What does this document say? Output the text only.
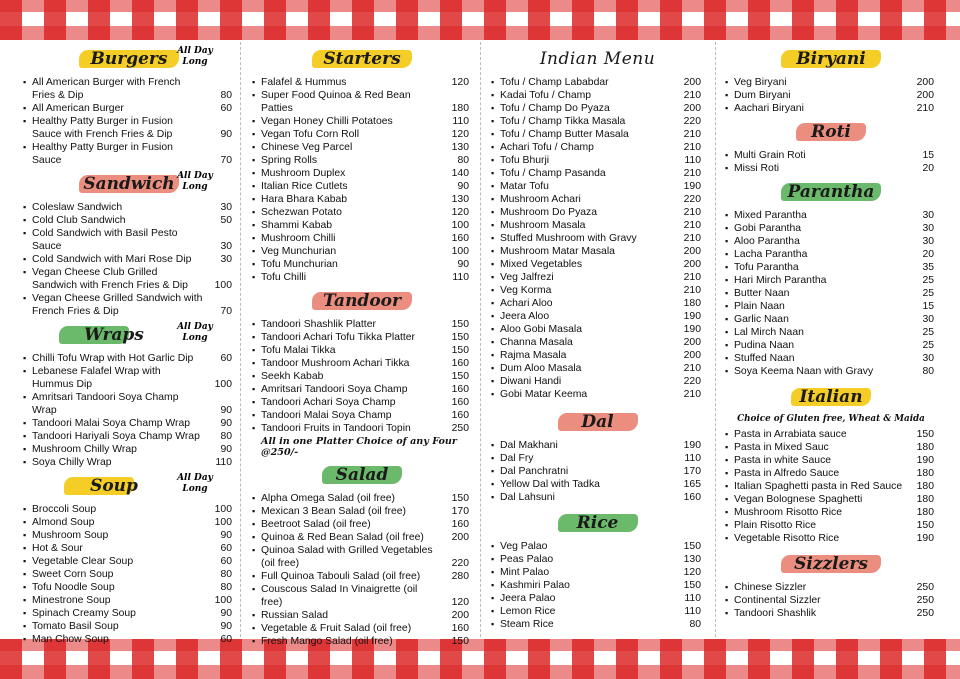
Burgers	All Day Long
▪ All American Burger with French Fries & Dip	80
▪ All American Burger	60
▪ Healthy Patty Burger in Fusion Sauce with French Fries & Dip	90
▪ Healthy Patty Burger in Fusion Sauce	70
Sandwich All Day Long
▪ Coleslaw Sandwich	30
▪ Cold Club Sandwich	50
▪ Cold Sandwich with Basil Pesto Sauce	30
▪ Cold Sandwich with Mari Rose Dip	30
▪ Vegan Cheese Club Grilled Sandwich with French Fries & Dip	100
▪ Vegan Cheese Grilled Sandwich with French Fries & Dip	70
Wraps	All Day Long
▪ Chilli Tofu Wrap with Hot Garlic Dip	60
▪ Lebanese Falafel Wrap with Hummus Dip	100
▪ Amritsari Tandoori Soya Champ Wrap	90
▪ Tandoori Malai Soya Champ Wrap	90
▪ Tandoori Hariyali Soya Champ Wrap 80
▪ Mushroom Chilly Wrap	90
▪ Soya Chilly Wrap	110
Soup	All Day Long
▪ Broccoli Soup	100
▪ Almond Soup	100
▪ Mushroom Soup	90
▪ Hot & Sour	60
▪ Vegetable Clear Soup	60
▪ Sweet Corn Soup	80
▪ Tofu Noodle Soup	80
▪ Minestrone Soup	100
▪ Spinach Creamy Soup	90
▪ Tomato Basil Soup	90
▪ Man Chow Soup	60
Starters
▪ Falafel & Hummus	120
▪ Super Food Quinoa & Red Bean Patties	180
▪ Vegan Honey Chilli Potatoes	110
▪ Vegan Tofu Corn Roll	120
▪ Chinese Veg Parcel	130
▪ Spring Rolls	80
▪ Mushroom Duplex	140
▪ Italian Rice Cutlets	90
▪ Hara Bhara Kabab	130
▪ Schezwan Potato	120
▪ Shammi Kabab	100
▪ Mushroom Chilli	160
▪ Veg Munchurian	100
▪ Tofu Munchurian	90
▪ Tofu Chilli	110
Tandoor
▪ Tandoori Shashlik Platter	150
▪ Tandoori Achari Tofu Tikka Platter	150
▪ Tofu Malai Tikka	150
▪ Tandoor Mushroom Achari Tikka	160
▪ Seekh Kabab	150
▪ Amritsari Tandoori Soya Champ	160
▪ Tandoori Achari Soya Champ	160
▪ Tandoori Malai Soya Champ	160
▪ Tandoori Fruits in Tandoori Topin	250
All in one Platter Choice of any Four @250/-
Salad
▪ Alpha Omega Salad (oil free)	150
▪ Mexican 3 Bean Salad (oil free)	170
▪ Beetroot Salad (oil free)	160
▪ Quinoa & Red Bean Salad (oil free)	200
▪ Quinoa Salad with Grilled Vegetables (oil free)	220
▪ Full Quinoa Tabouli Salad (oil free)	280
▪ Couscous Salad In Vinaigrette (oil free)	120
▪ Russian Salad	200
▪ Vegetable & Fruit Salad (oil free)	160
▪ Fresh Mango Salad (oil free)	150
Indian Menu
▪ Tofu / Champ Lababdar	200
▪ Kadai Tofu / Champ	210
▪ Tofu / Champ Do Pyaza	200
▪ Tofu / Champ Tikka Masala	220
▪ Tofu / Champ Butter Masala	210
▪ Achari Tofu / Champ	210
▪ Tofu Bhurji	110
▪ Tofu / Champ Pasanda	210
▪ Matar Tofu	190
▪ Mushroom Achari	220
▪ Mushroom Do Pyaza	210
▪ Mushroom Masala	210
▪ Stuffed Mushroom with Gravy	210
▪ Mushroom Matar Masala	200
▪ Mixed Vegetables	200
▪ Veg Jalfrezi	210
▪ Veg Korma	210
▪ Achari Aloo	180
▪ Jeera Aloo	190
▪ Aloo Gobi Masala	190
▪ Channa Masala	200
▪ Rajma Masala	200
▪ Dum Aloo Masala	210
▪ Diwani Handi	220
▪ Gobi Matar Keema	210
Dal
▪ Dal Makhani	190
▪ Dal Fry	110
▪ Dal Panchratni	170
▪ Yellow Dal with Tadka	165
▪ Dal Lahsuni	160
Rice
▪ Veg Palao	150
▪ Peas Palao	130
▪ Mint Palao	120
▪ Kashmiri Palao	150
▪ Jeera Palao	110
▪ Lemon Rice	110
▪ Steam Rice	80
Biryani
▪ Veg Biryani	200
▪ Dum Biryani	200
▪ Aachari Biryani	210
Roti
▪ Multi Grain Roti	15
▪ Missi Roti	20
Parantha
▪ Mixed Parantha	30
▪ Gobi Parantha	30
▪ Aloo Parantha	30
▪ Lacha Parantha	20
▪ Tofu Parantha	35
▪ Hari Mirch Parantha	25
▪ Butter Naan	25
▪ Plain Naan	15
▪ Garlic Naan	30
▪ Lal Mirch Naan	25
▪ Pudina Naan	25
▪ Stuffed Naan	30
▪ Soya Keema Naan with Gravy	80
Italian
Choice of Gluten free, Wheat & Maida
▪ Pasta in Arrabiata sauce	150
▪ Pasta in Mixed Sauc	180
▪ Pasta in white Sauce	190
▪ Pasta in Alfredo Sauce	180
▪ Italian Spaghetti pasta in Red Sauce 180
▪ Vegan Bolognese Spaghetti	180
▪ Mushroom Risotto Rice	180
▪ Plain Risotto Rice	150
▪ Vegetable Risotto Rice	190
Sizzlers
▪ Chinese Sizzler	250
▪ Continental Sizzler	250
▪ Tandoori Shashlik	250
